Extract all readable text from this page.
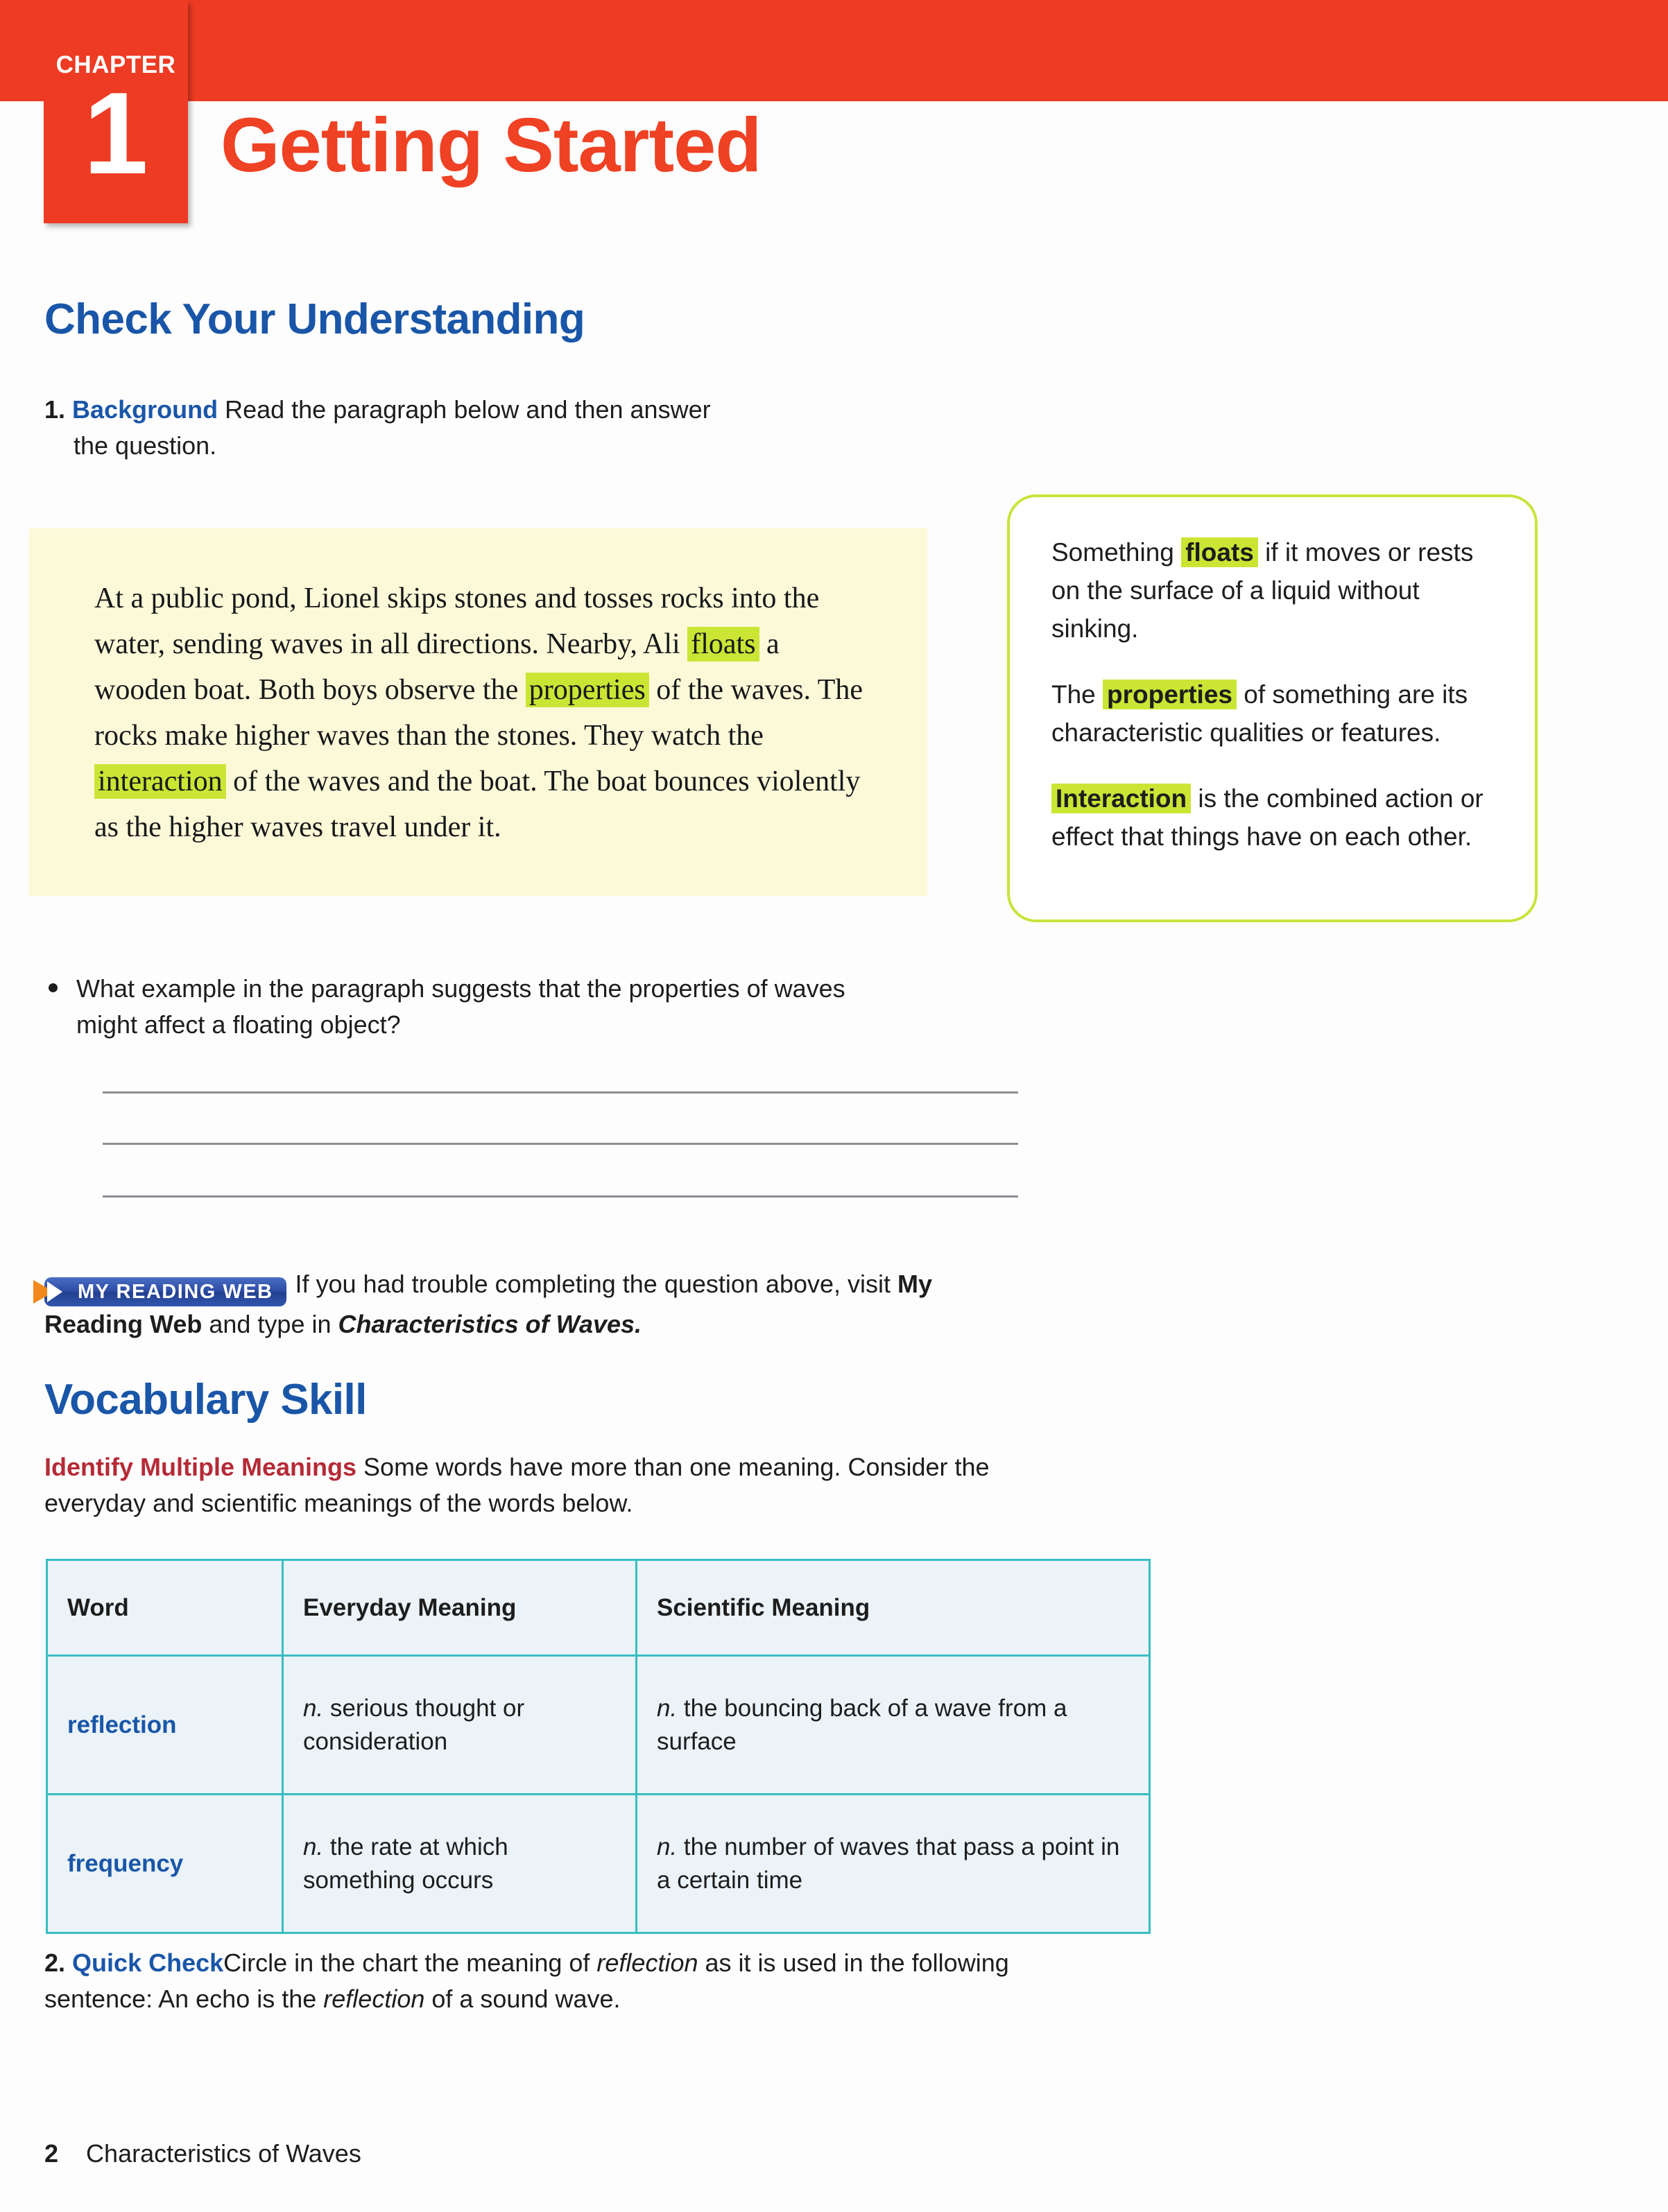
CHAPTER
1 Getting Started
Check Your Understanding
1. Background Read the paragraph below and then answer
the question.

At a public pond, Lionel skips stones and tosses rocks into the water, sending waves in all directions. Nearby, Ali floats a wooden boat. Both boys observe the properties of the waves. The rocks make higher waves than the stones. They watch the interaction of the waves and the boat. The boat bounces violently as the higher waves travel under it.

Something floats if it moves or rests on the surface of a liquid without sinking.

The properties of something are its characteristic qualities or features.

Interaction is the combined action or effect that things have on each other.

What example in the paragraph suggests that the properties of waves might affect a floating object?
MY READING WEB If you had trouble completing the question above, visit My Reading Web and type in Characteristics of Waves.
Vocabulary Skill
Identify Multiple Meanings Some words have more than one meaning. Consider the everyday and scientific meanings of the words below.
Word	Everyday Meaning	Scientific Meaning
reflection	n. serious thought or consideration	n. the bouncing back of a wave from a surface
frequency	n. the rate at which something occurs	n. the number of waves that pass a point in a certain time
2. Quick CheckCircle in the chart the meaning of reflection as it is used in the following sentence: An echo is the reflection of a sound wave.
2 Characteristics of Waves
